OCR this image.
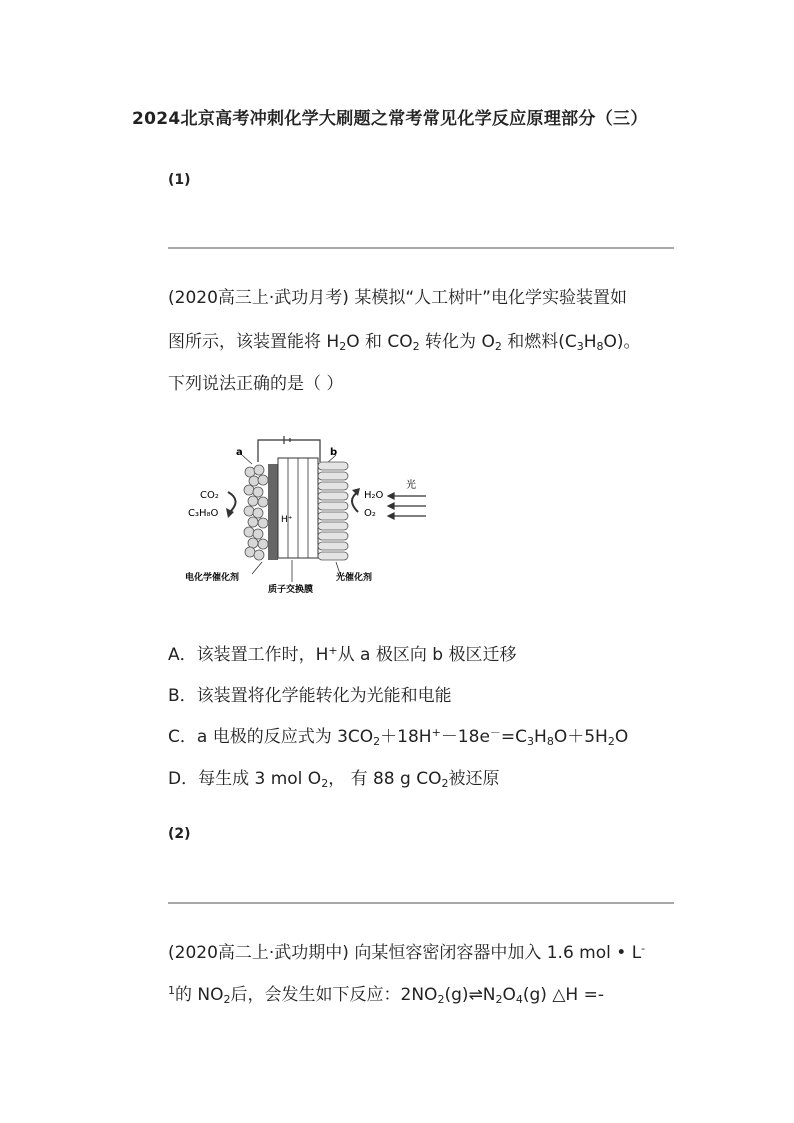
2024北京高考冲刺化学大刷题之常考常见化学反应原理部分（三）
(1)
(2020高三上·武功月考) 某模拟“人工树叶”电化学实验装置如
图所示，该装置能将 $H_2O$ 和 $CO_2$ 转化为 $O_2$ 和燃料$(C_3H_8O)$。
下列说法正确的是（ ）
a	b
H⁺
CO₂
C₃H₈O
H₂O
O₂
光
电化学催化剂
质子交换膜
光催化剂
A．该装置工作时，H+从 a 极区向 b 极区迁移
B．该装置将化学能转化为光能和电能
C．a 电极的反应式为 $3CO_2+18H^+-18e^-=C_3H_8O+5H_2O$
D．每生成 3 mol $O_2$， 有 88 g $CO_2$被还原
(2)
(2020高二上·武功期中) 向某恒容密闭容器中加入 1.6 mol • L-
$^1$的 $NO_2$后，会发生如下反应：$2NO_2(g)\rightleftharpoons N_2O_4(g)$ △H =-
